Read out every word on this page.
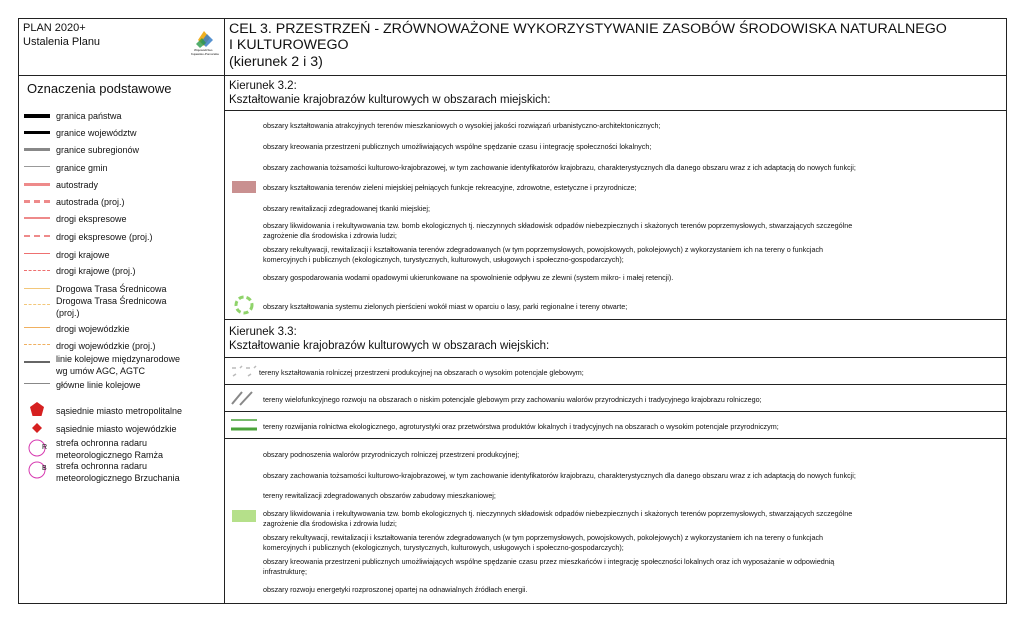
PLAN 2020+
Ustalenia Planu
Województwo
Kujawsko-Pomorskie
CEL 3. PRZESTRZEŃ - ZRÓWNOWAŻONE WYKORZYSTYWANIE ZASOBÓW ŚRODOWISKA NATURALNEGO
I KULTUROWEGO
(kierunek 2 i 3)
Oznaczenia podstawowe
R
B
granica państwa
granice województw
granice subregionów
granice gmin
autostrady
autostrada (proj.)
drogi ekspresowe
drogi ekspresowe (proj.)
drogi krajowe
drogi krajowe (proj.)
Drogowa Trasa Średnicowa
Drogowa Trasa Średnicowa
(proj.)
drogi wojewódzkie
drogi wojewódzkie (proj.)
linie kolejowe międzynarodowe
wg umów AGC, AGTC
główne linie kolejowe
sąsiednie miasto metropolitalne
sąsiednie miasto wojewódzkie
strefa ochronna radaru
meteorologicznego Ramża
strefa ochronna radaru
meteorologicznego Brzuchania
Kierunek 3.2:
Kształtowanie krajobrazów kulturowych w obszarach miejskich:
obszary kształtowania atrakcyjnych terenów mieszkaniowych o wysokiej jakości rozwiązań urbanistyczno-architektonicznych;
obszary kreowania przestrzeni publicznych umożliwiających wspólne spędzanie czasu i integrację społeczności lokalnych;
obszary zachowania tożsamości kulturowo-krajobrazowej, w tym zachowanie identyfikatorów krajobrazu, charakterystycznych dla danego obszaru wraz z ich adaptacją do nowych funkcji;
obszary kształtowania terenów zieleni miejskiej pełniących funkcje rekreacyjne, zdrowotne, estetyczne i przyrodnicze;
obszary rewitalizacji zdegradowanej tkanki miejskiej;
obszary likwidowania i rekultywowania tzw. bomb ekologicznych tj. nieczynnych składowisk odpadów niebezpiecznych i skażonych terenów poprzemysłowych, stwarzających szczególne
zagrożenie dla środowiska i zdrowia ludzi;
obszary rekultywacji, rewitalizacji i kształtowania terenów zdegradowanych (w tym poprzemysłowych, powojskowych, pokolejowych) z wykorzystaniem ich na tereny o funkcjach
komercyjnych i publicznych (ekologicznych, turystycznych, kulturowych, usługowych i społeczno-gospodarczych);
obszary gospodarowania wodami opadowymi ukierunkowane na spowolnienie odpływu ze zlewni (system mikro- i małej retencji).
obszary kształtowania systemu zielonych pierścieni wokół miast w oparciu o lasy, parki regionalne i tereny otwarte;
Kierunek 3.3:
Kształtowanie krajobrazów kulturowych w obszarach wiejskich:
tereny kształtowania rolniczej przestrzeni produkcyjnej na obszarach o wysokim potencjale glebowym;
tereny wielofunkcyjnego rozwoju na obszarach o niskim potencjale glebowym przy zachowaniu walorów przyrodniczych i tradycyjnego krajobrazu rolniczego;
tereny rozwijania rolnictwa ekologicznego, agroturystyki oraz przetwórstwa produktów lokalnych i tradycyjnych na obszarach o wysokim potencjale przyrodniczym;
obszary podnoszenia walorów przyrodniczych rolniczej przestrzeni produkcyjnej;
obszary zachowania tożsamości kulturowo-krajobrazowej, w tym zachowanie identyfikatorów krajobrazu, charakterystycznych dla danego obszaru wraz z ich adaptacją do nowych funkcji;
tereny rewitalizacji zdegradowanych obszarów zabudowy mieszkaniowej;
obszary likwidowania i rekultywowania tzw. bomb ekologicznych tj. nieczynnych składowisk odpadów niebezpiecznych i skażonych terenów poprzemysłowych, stwarzających szczególne
zagrożenie dla środowiska i zdrowia ludzi;
obszary rekultywacji, rewitalizacji i kształtowania terenów zdegradowanych (w tym poprzemysłowych, powojskowych, pokolejowych) z wykorzystaniem ich na tereny o funkcjach
komercyjnych i publicznych (ekologicznych, turystycznych, kulturowych, usługowych i społeczno-gospodarczych);
obszary kreowania przestrzeni publicznych umożliwiających wspólne spędzanie czasu przez mieszkańców i integrację społeczności lokalnych oraz ich wyposażanie w odpowiednią
infrastrukturę;
obszary rozwoju energetyki rozproszonej opartej na odnawialnych źródłach energii.
